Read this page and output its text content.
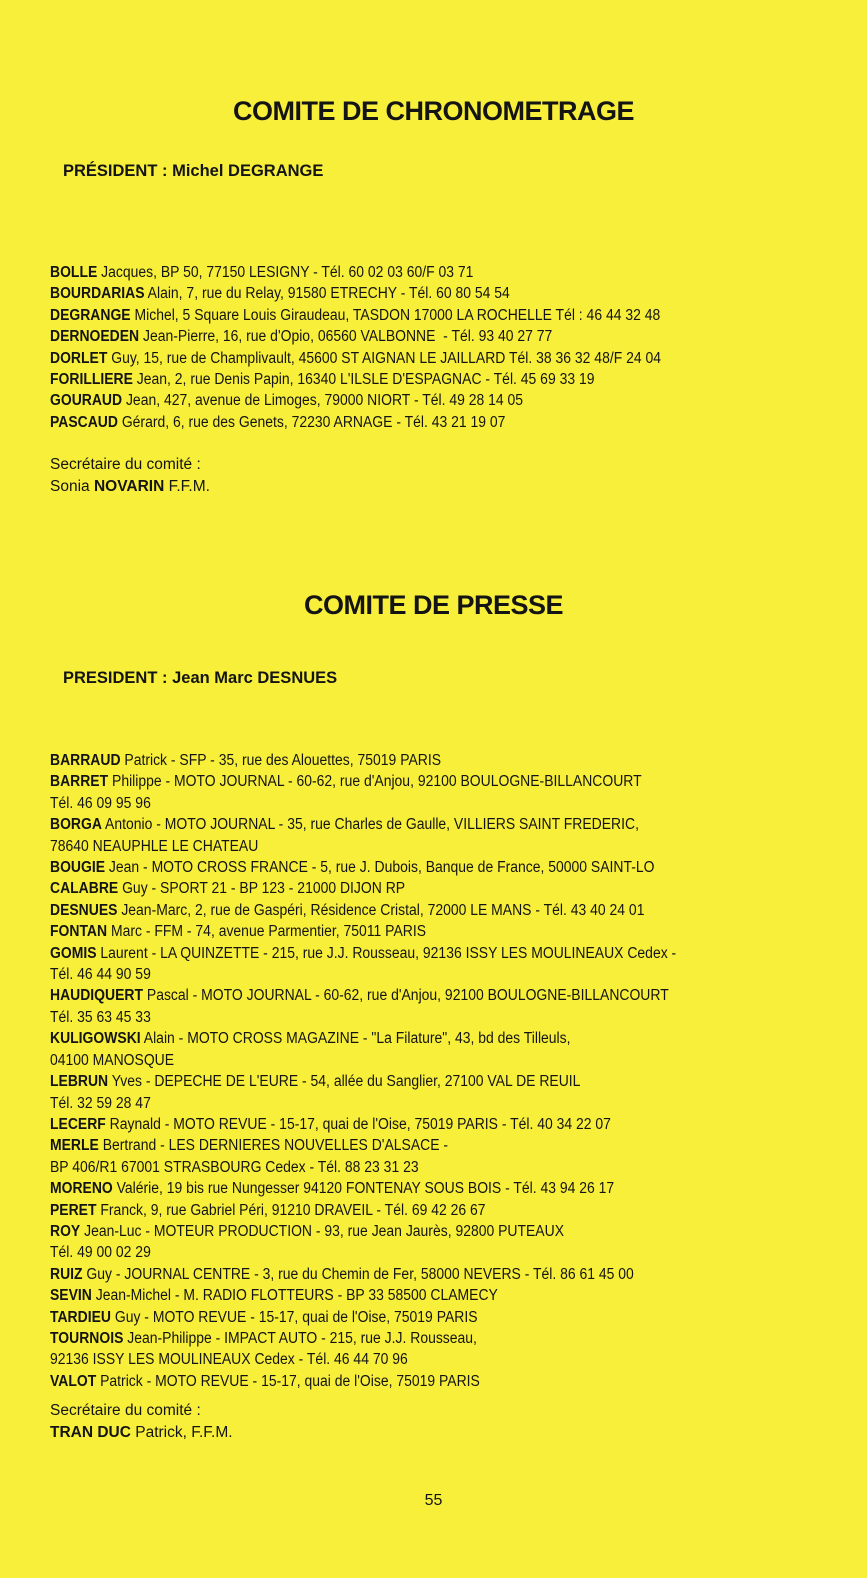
COMITE DE CHRONOMETRAGE
PRÉSIDENT : Michel DEGRANGE
BOLLE Jacques, BP 50, 77150 LESIGNY - Tél. 60 02 03 60/F 03 71
BOURDARIAS Alain, 7, rue du Relay, 91580 ETRECHY - Tél. 60 80 54 54
DEGRANGE Michel, 5 Square Louis Giraudeau, TASDON 17000 LA ROCHELLE Tél : 46 44 32 48
DERNOEDEN Jean-Pierre, 16, rue d'Opio, 06560 VALBONNE  - Tél. 93 40 27 77
DORLET Guy, 15, rue de Champlivault, 45600 ST AIGNAN LE JAILLARD Tél. 38 36 32 48/F 24 04
FORILLIERE Jean, 2, rue Denis Papin, 16340 L'ILSLE D'ESPAGNAC - Tél. 45 69 33 19
GOURAUD Jean, 427, avenue de Limoges, 79000 NIORT - Tél. 49 28 14 05
PASCAUD Gérard, 6, rue des Genets, 72230 ARNAGE - Tél. 43 21 19 07
Secrétaire du comité :
Sonia NOVARIN F.F.M.
COMITE DE PRESSE
PRESIDENT : Jean Marc DESNUES
BARRAUD Patrick - SFP - 35, rue des Alouettes, 75019 PARIS
BARRET Philippe - MOTO JOURNAL - 60-62, rue d'Anjou, 92100 BOULOGNE-BILLANCOURT
Tél. 46 09 95 96
BORGA Antonio - MOTO JOURNAL - 35, rue Charles de Gaulle, VILLIERS SAINT FREDERIC,
78640 NEAUPHLE LE CHATEAU
BOUGIE Jean - MOTO CROSS FRANCE - 5, rue J. Dubois, Banque de France, 50000 SAINT-LO
CALABRE Guy - SPORT 21 - BP 123 - 21000 DIJON RP
DESNUES Jean-Marc, 2, rue de Gaspéri, Résidence Cristal, 72000 LE MANS - Tél. 43 40 24 01
FONTAN Marc - FFM - 74, avenue Parmentier, 75011 PARIS
GOMIS Laurent - LA QUINZETTE - 215, rue J.J. Rousseau, 92136 ISSY LES MOULINEAUX Cedex -
Tél. 46 44 90 59
HAUDIQUERT Pascal - MOTO JOURNAL - 60-62, rue d'Anjou, 92100 BOULOGNE-BILLANCOURT
Tél. 35 63 45 33
KULIGOWSKI Alain - MOTO CROSS MAGAZINE - "La Filature", 43, bd des Tilleuls,
04100 MANOSQUE
LEBRUN Yves - DEPECHE DE L'EURE - 54, allée du Sanglier, 27100 VAL DE REUIL
Tél. 32 59 28 47
LECERF Raynald - MOTO REVUE - 15-17, quai de l'Oise, 75019 PARIS - Tél. 40 34 22 07
MERLE Bertrand - LES DERNIERES NOUVELLES D'ALSACE -
BP 406/R1 67001 STRASBOURG Cedex - Tél. 88 23 31 23
MORENO Valérie, 19 bis rue Nungesser 94120 FONTENAY SOUS BOIS - Tél. 43 94 26 17
PERET Franck, 9, rue Gabriel Péri, 91210 DRAVEIL - Tél. 69 42 26 67
ROY Jean-Luc - MOTEUR PRODUCTION - 93, rue Jean Jaurès, 92800 PUTEAUX
Tél. 49 00 02 29
RUIZ Guy - JOURNAL CENTRE - 3, rue du Chemin de Fer, 58000 NEVERS - Tél. 86 61 45 00
SEVIN Jean-Michel - M. RADIO FLOTTEURS - BP 33 58500 CLAMECY
TARDIEU Guy - MOTO REVUE - 15-17, quai de l'Oise, 75019 PARIS
TOURNOIS Jean-Philippe - IMPACT AUTO - 215, rue J.J. Rousseau,
92136 ISSY LES MOULINEAUX Cedex - Tél. 46 44 70 96
VALOT Patrick - MOTO REVUE - 15-17, quai de l'Oise, 75019 PARIS
Secrétaire du comité :
TRAN DUC Patrick, F.F.M.
55
